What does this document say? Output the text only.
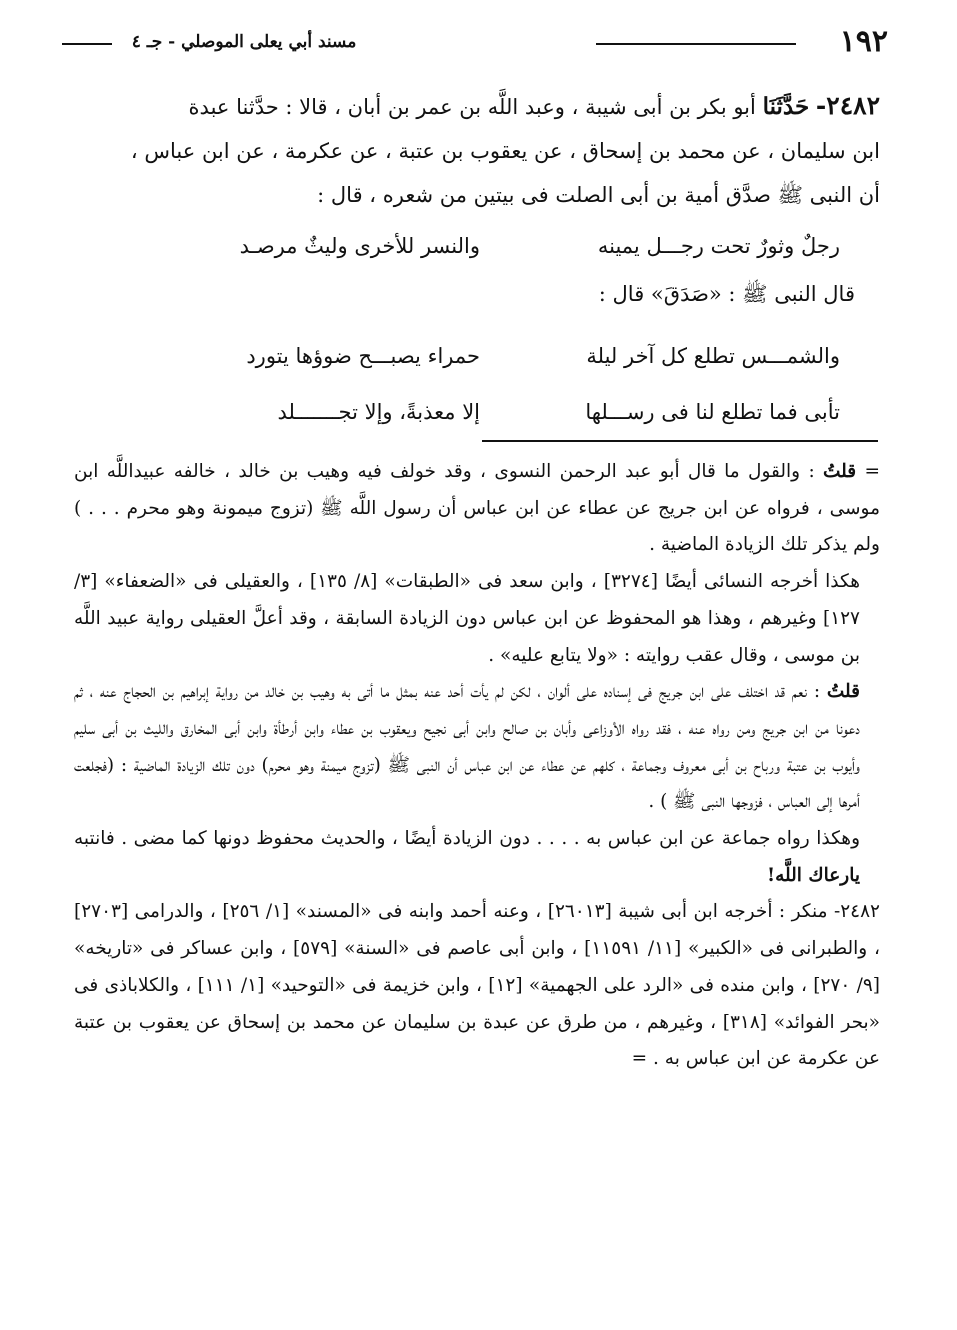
١٩٢
مسند أبي يعلى الموصلي - جـ ٤

٢٤٨٢- حَدَّثَنَا أبو بكر بن أبى شيبة ، وعبد اللَّه بن عمر بن أبان ، قالا : حدَّثنا عبدة

ابن سليمان ، عن محمد بن إسحاق ، عن يعقوب بن عتبة ، عن عكرمة ، عن ابن عباس ،

أن النبى ﷺ صدَّق أمية بن أبى الصلت فى بيتين من شعره ، قال :

رجلٌ وثورٌ تحت رجـــل يمينه
والنسر للأخرى وليثٌ مرصـد
قال النبى ﷺ : «صَدَقَ» قال :
والشمـــس تطلع كل آخر ليلة
حمراء يصبـــح ضوؤها يتورد
تأبى فما تطلع لنا فى رســـلها
إلا معذبةً، وإلا تجـــــــلد

= قلتُ : والقول ما قال أبو عبد الرحمن النسوى ، وقد خولف فيه وهيب بن خالد ، خالفه عبيداللَّه ابن موسى ، فرواه عن ابن جريج عن عطاء عن ابن عباس أن رسول اللَّه ﷺ (تزوج ميمونة وهو محرم . . . ) ولم يذكر تلك الزيادة الماضية .

هكذا أخرجه النسائى أيضًا [٣٢٧٤] ، وابن سعد فى «الطبقات» [٨/ ١٣٥] ، والعقيلى فى «الضعفاء» [٣/ ١٢٧] وغيرهم ، وهذا هو المحفوظ عن ابن عباس دون الزيادة السابقة ، وقد أعلَّ العقيلى رواية عبيد اللَّه بن موسى ، وقال عقب روايته : «ولا يتابع عليه» .

قلتُ : نعم قد اختلف على ابن جريج فى إسناده على ألوان ، لكن لم يأت أحد عنه بمثل ما أتى به وهيب بن خالد من رواية إبراهيم بن الحجاج عنه ، ثم دعونا من ابن جريج ومن رواه عنه ، فقد رواه الأوزاعى وأبان بن صالح وابن أبى نجيح ويعقوب بن عطاء وابن أرطأة وابن أبى المخارق والليث بن أبى سليم وأيوب بن عتبة ورباح بن أبى معروف وجماعة ، كلهم عن عطاء عن ابن عباس أن النبى ﷺ (تزوج ميمنة وهو محرم) دون تلك الزيادة الماضية : (فجلعت أمرها إلى العباس ، فزوجها النبى ﷺ ) .

وهكذا رواه جماعة عن ابن عباس به . . . . دون الزيادة أيضًا ، والحديث محفوظ دونها كما مضى . فانتبه يارعاك اللَّه!

٢٤٨٢- منكر : أخرجه ابن أبى شيبة [٢٦٠١٣] ، وعنه أحمد وابنه فى «المسند» [١/ ٢٥٦] ، والدرامى [٢٧٠٣] ، والطبرانى فى «الكبير» [١١/ ١١٥٩١] ، وابن أبى عاصم فى «السنة» [٥٧٩] ، وابن عساكر فى «تاريخه» [٩/ ٢٧٠] ، وابن منده فى «الرد على الجهمية» [١٢] ، وابن خزيمة فى «التوحيد» [١/ ١١١] ، والكلاباذى فى «بحر الفوائد» [٣١٨] ، وغيرهم ، من طرق عن عبدة بن سليمان عن محمد بن إسحاق عن يعقوب بن عتبة عن عكرمة عن ابن عباس به . =
